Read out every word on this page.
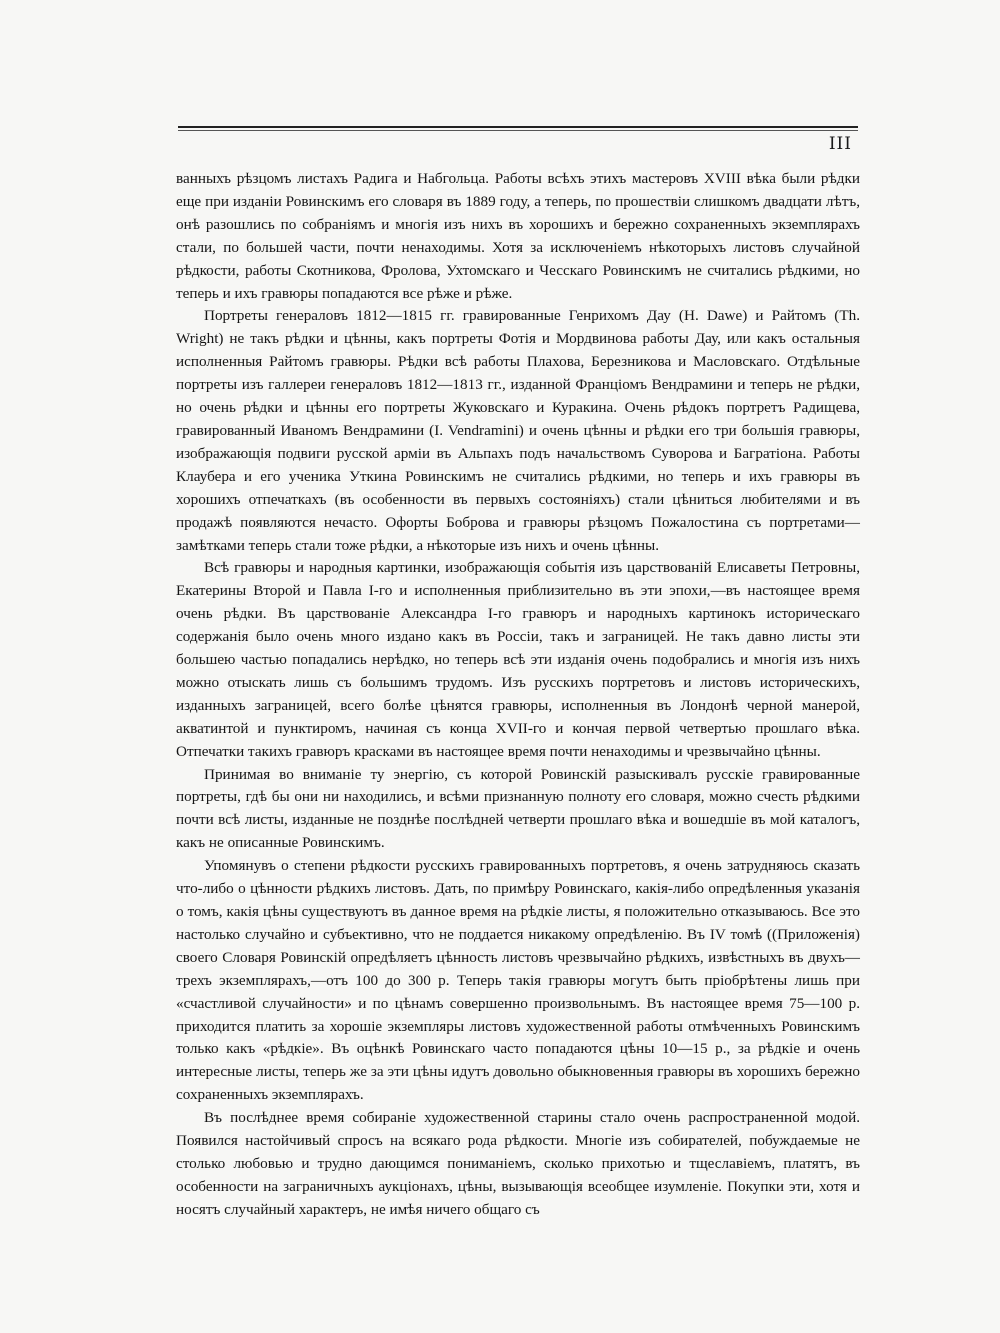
III

ванныхъ рѣзцомъ листахъ Радига и Набгольца. Работы всѣхъ этихъ мастеровъ XVIII вѣка были рѣдки еще при изданіи Ровинскимъ его словаря въ 1889 году, а теперь, по прошествіи слишкомъ двадцати лѣтъ, онѣ разошлись по собраніямъ и многія изъ нихъ въ хорошихъ и бережно сохраненныхъ экземплярахъ стали, по большей части, почти ненаходимы. Хотя за исключеніемъ нѣкоторыхъ листовъ случайной рѣдкости, работы Скотникова, Фролова, Ухтомскаго и Чесскаго Ровинскимъ не считались рѣдкими, но теперь и ихъ гравюры попадаются все рѣже и рѣже.

Портреты генераловъ 1812—1815 гг. гравированные Генрихомъ Дау (H. Dawe) и Райтомъ (Th. Wright) не такъ рѣдки и цѣнны, какъ портреты Фотія и Мордвинова работы Дау, или какъ остальныя исполненныя Райтомъ гравюры. Рѣдки всѣ работы Плахова, Березникова и Масловскаго. Отдѣльные портреты изъ галлереи генераловъ 1812—1813 гг., изданной Франціомъ Вендрамини и теперь не рѣдки, но очень рѣдки и цѣнны его портреты Жуковскаго и Куракина. Очень рѣдокъ портретъ Радищева, гравированный Иваномъ Вендрамини (I. Vendramini) и очень цѣнны и рѣдки его три большія гравюры, изображающія подвиги русской арміи въ Альпахъ подъ начальствомъ Суворова и Багратіона. Работы Клаубера и его ученика Уткина Ровинскимъ не считались рѣдкими, но теперь и ихъ гравюры въ хорошихъ отпечаткахъ (въ особенности въ первыхъ состояніяхъ) стали цѣниться любителями и въ продажѣ появляются нечасто. Офорты Боброва и гравюры рѣзцомъ Пожалостина съ портретами—замѣтками теперь стали тоже рѣдки, а нѣкоторые изъ нихъ и очень цѣнны.

Всѣ гравюры и народныя картинки, изображающія событія изъ царствованій Елисаветы Петровны, Екатерины Второй и Павла I-го и исполненныя приблизительно въ эти эпохи,—въ настоящее время очень рѣдки. Въ царствованіе Александра I-го гравюръ и народныхъ картинокъ историческаго содержанія было очень много издано какъ въ Россіи, такъ и заграницей. Не такъ давно листы эти большею частью попадались нерѣдко, но теперь всѣ эти изданія очень подобрались и многія изъ нихъ можно отыскать лишь съ большимъ трудомъ. Изъ русскихъ портретовъ и листовъ историческихъ, изданныхъ заграницей, всего болѣе цѣнятся гравюры, исполненныя въ Лондонѣ черной манерой, акватинтой и пунктиромъ, начиная съ конца XVII-го и кончая первой четвертью прошлаго вѣка. Отпечатки такихъ гравюръ красками въ настоящее время почти ненаходимы и чрезвычайно цѣнны.

Принимая во вниманіе ту энергію, съ которой Ровинскій разыскивалъ русскіе гравированные портреты, гдѣ бы они ни находились, и всѣми признанную полноту его словаря, можно счесть рѣдкими почти всѣ листы, изданные не позднѣе послѣдней четверти прошлаго вѣка и вошедшіе въ мой каталогъ, какъ не описанные Ровинскимъ.

Упомянувъ о степени рѣдкости русскихъ гравированныхъ портретовъ, я очень затрудняюсь сказать что-либо о цѣнности рѣдкихъ листовъ. Дать, по примѣру Ровинскаго, какія-либо опредѣленныя указанія о томъ, какія цѣны существуютъ въ данное время на рѣдкіе листы, я положительно отказываюсь. Все это настолько случайно и субъективно, что не поддается никакому опредѣленію. Въ IV томѣ ((Приложенія) своего Словаря Ровинскій опредѣляетъ цѣнность листовъ чрезвычайно рѣдкихъ, извѣстныхъ въ двухъ—трехъ экземплярахъ,—отъ 100 до 300 р. Теперь такія гравюры могутъ быть пріобрѣтены лишь при «счастливой случайности» и по цѣнамъ совершенно произвольнымъ. Въ настоящее время 75—100 р. приходится платить за хорошіе экземпляры листовъ художественной работы отмѣченныхъ Ровинскимъ только какъ «рѣдкіе». Въ оцѣнкѣ Ровинскаго часто попадаются цѣны 10—15 р., за рѣдкіе и очень интересные листы, теперь же за эти цѣны идутъ довольно обыкновенныя гравюры въ хорошихъ бережно сохраненныхъ экземплярахъ.

Въ послѣднее время собираніе художественной старины стало очень распространенной модой. Появился настойчивый спросъ на всякаго рода рѣдкости. Многіе изъ собирателей, побуждаемые не столько любовью и трудно дающимся пониманіемъ, сколько прихотью и тщеславіемъ, платятъ, въ особенности на заграничныхъ аукціонахъ, цѣны, вызывающія всеобщее изумленіе. Покупки эти, хотя и носятъ случайный характеръ, не имѣя ничего общаго съ
